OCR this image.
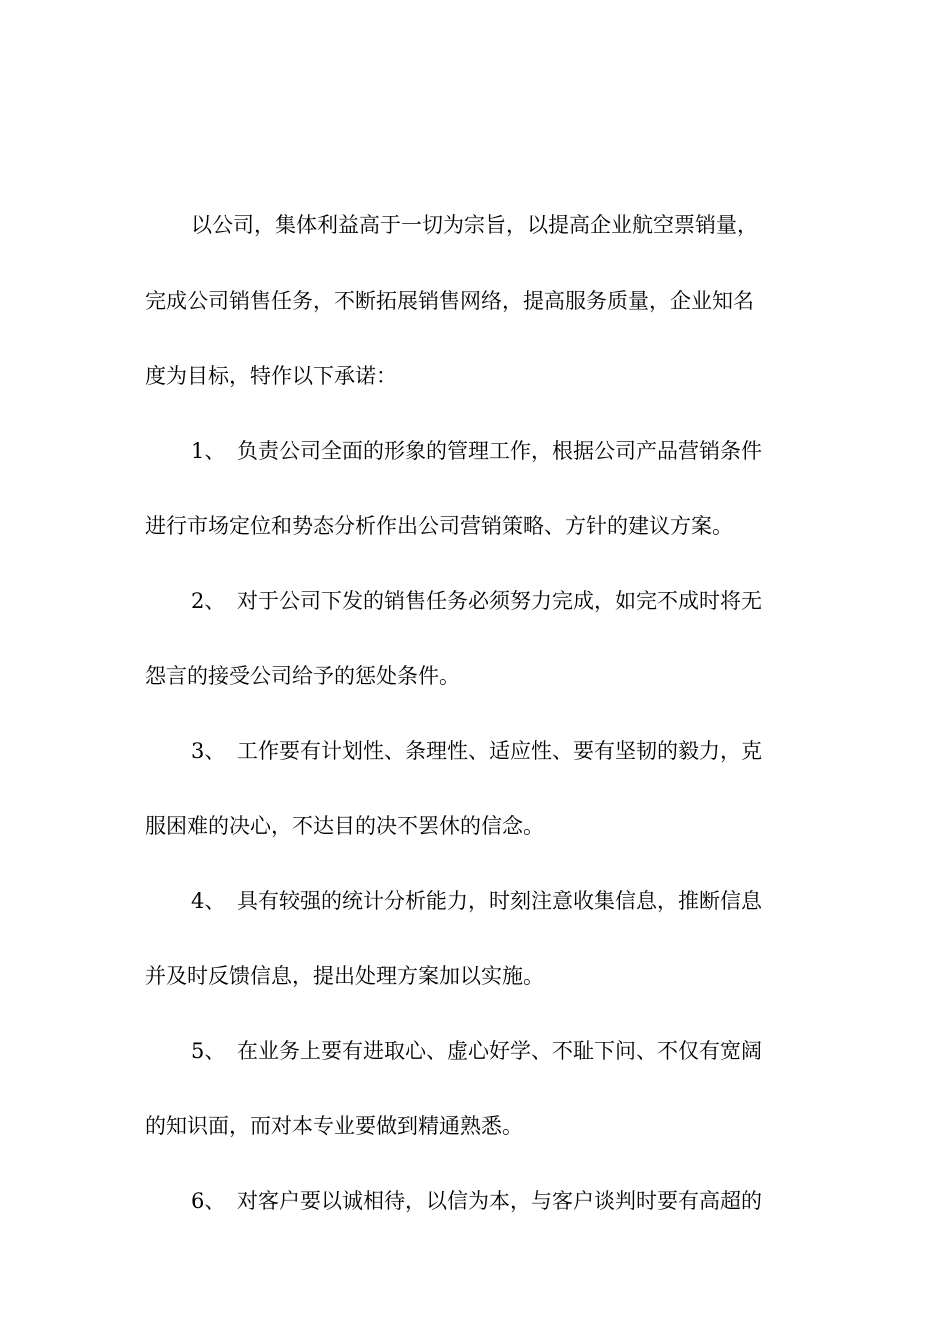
以公司，集体利益高于一切为宗旨，以提高企业航空票销量，
完成公司销售任务，不断拓展销售网络，提高服务质量，企业知名
度为目标，特作以下承诺：
1、 负责公司全面的形象的管理工作，根据公司产品营销条件
进行市场定位和势态分析作出公司营销策略、方针的建议方案。
2、 对于公司下发的销售任务必须努力完成，如完不成时将无
怨言的接受公司给予的惩处条件。
3、 工作要有计划性、条理性、适应性、要有坚韧的毅力，克
服困难的决心，不达目的决不罢休的信念。
4、 具有较强的统计分析能力，时刻注意收集信息，推断信息
并及时反馈信息，提出处理方案加以实施。
5、 在业务上要有进取心、虚心好学、不耻下问、不仅有宽阔
的知识面，而对本专业要做到精通熟悉。
6、 对客户要以诚相待，以信为本，与客户谈判时要有高超的
